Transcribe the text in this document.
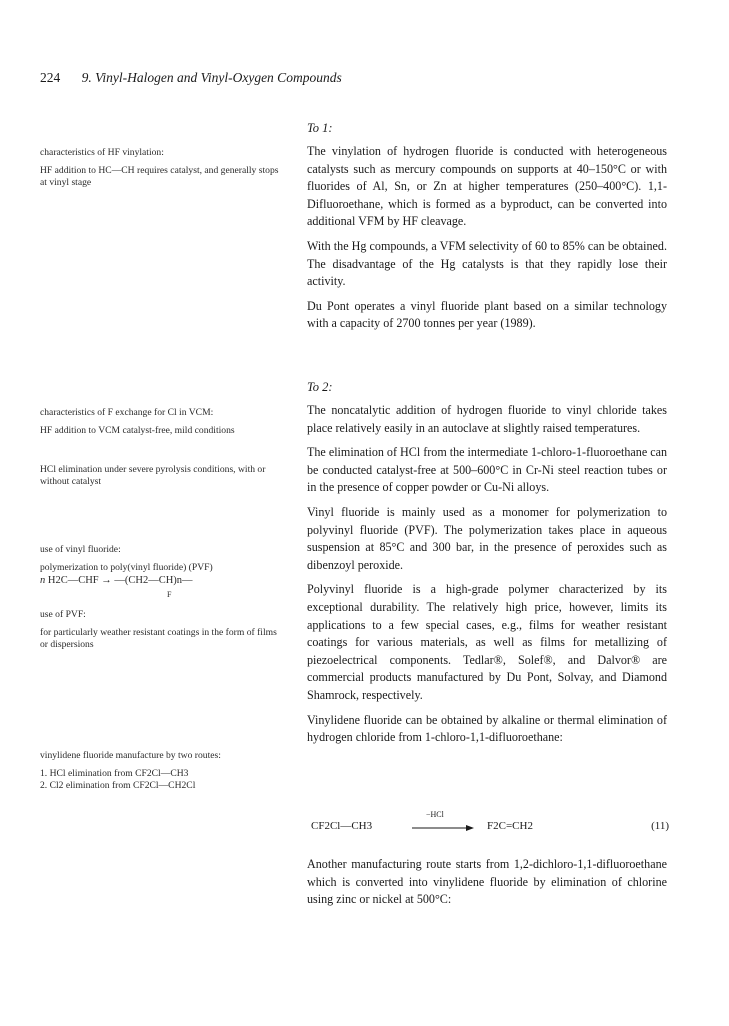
224 9. Vinyl-Halogen and Vinyl-Oxygen Compounds
To 1:

characteristics of HF vinylation:

HF addition to HC—CH requires catalyst, and generally stops at vinyl stage

The vinylation of hydrogen fluoride is conducted with heterogeneous catalysts such as mercury compounds on supports at 40–150°C or with fluorides of Al, Sn, or Zn at higher temperatures (250–400°C). 1,1-Difluoroethane, which is formed as a byproduct, can be converted into additional VFM by HF cleavage.

With the Hg compounds, a VFM selectivity of 60 to 85% can be obtained. The disadvantage of the Hg catalysts is that they rapidly lose their activity.

Du Pont operates a vinyl fluoride plant based on a similar technology with a capacity of 2700 tonnes per year (1989).

To 2:

characteristics of F exchange for Cl in VCM:

HF addition to VCM catalyst-free, mild conditions

HCl elimination under severe pyrolysis conditions, with or without catalyst

use of vinyl fluoride:

polymerization to poly(vinyl fluoride) (PVF)

n H2C—CHF → —(CH2—CH)n—
F

use of PVF:

for particularly weather resistant coatings in the form of films or dispersions

vinylidene fluoride manufacture by two routes:

1. HCl elimination from CF2Cl—CH3

2. Cl2 elimination from CF2Cl—CH2Cl

The noncatalytic addition of hydrogen fluoride to vinyl chloride takes place relatively easily in an autoclave at slightly raised temperatures.

The elimination of HCl from the intermediate 1-chloro-1-fluoroethane can be conducted catalyst-free at 500–600°C in Cr-Ni steel reaction tubes or in the presence of copper powder or Cu-Ni alloys.

Vinyl fluoride is mainly used as a monomer for polymerization to polyvinyl fluoride (PVF). The polymerization takes place in aqueous suspension at 85°C and 300 bar, in the presence of peroxides such as dibenzoyl peroxide.

Polyvinyl fluoride is a high-grade polymer characterized by its exceptional durability. The relatively high price, however, limits its applications to a few special cases, e.g., films for weather resistant coatings for various materials, as well as films for metallizing of piezoelectrical components. Tedlar®, Solef®, and Dalvor® are commercial products manufactured by Du Pont, Solvay, and Diamond Shamrock, respectively.

Vinylidene fluoride can be obtained by alkaline or thermal elimination of hydrogen chloride from 1-chloro-1,1-difluoroethane:

CF2Cl—CH3
−HCl
F2C=CH2	(11)

Another manufacturing route starts from 1,2-dichloro-1,1-difluoroethane which is converted into vinylidene fluoride by elimination of chlorine using zinc or nickel at 500°C:
